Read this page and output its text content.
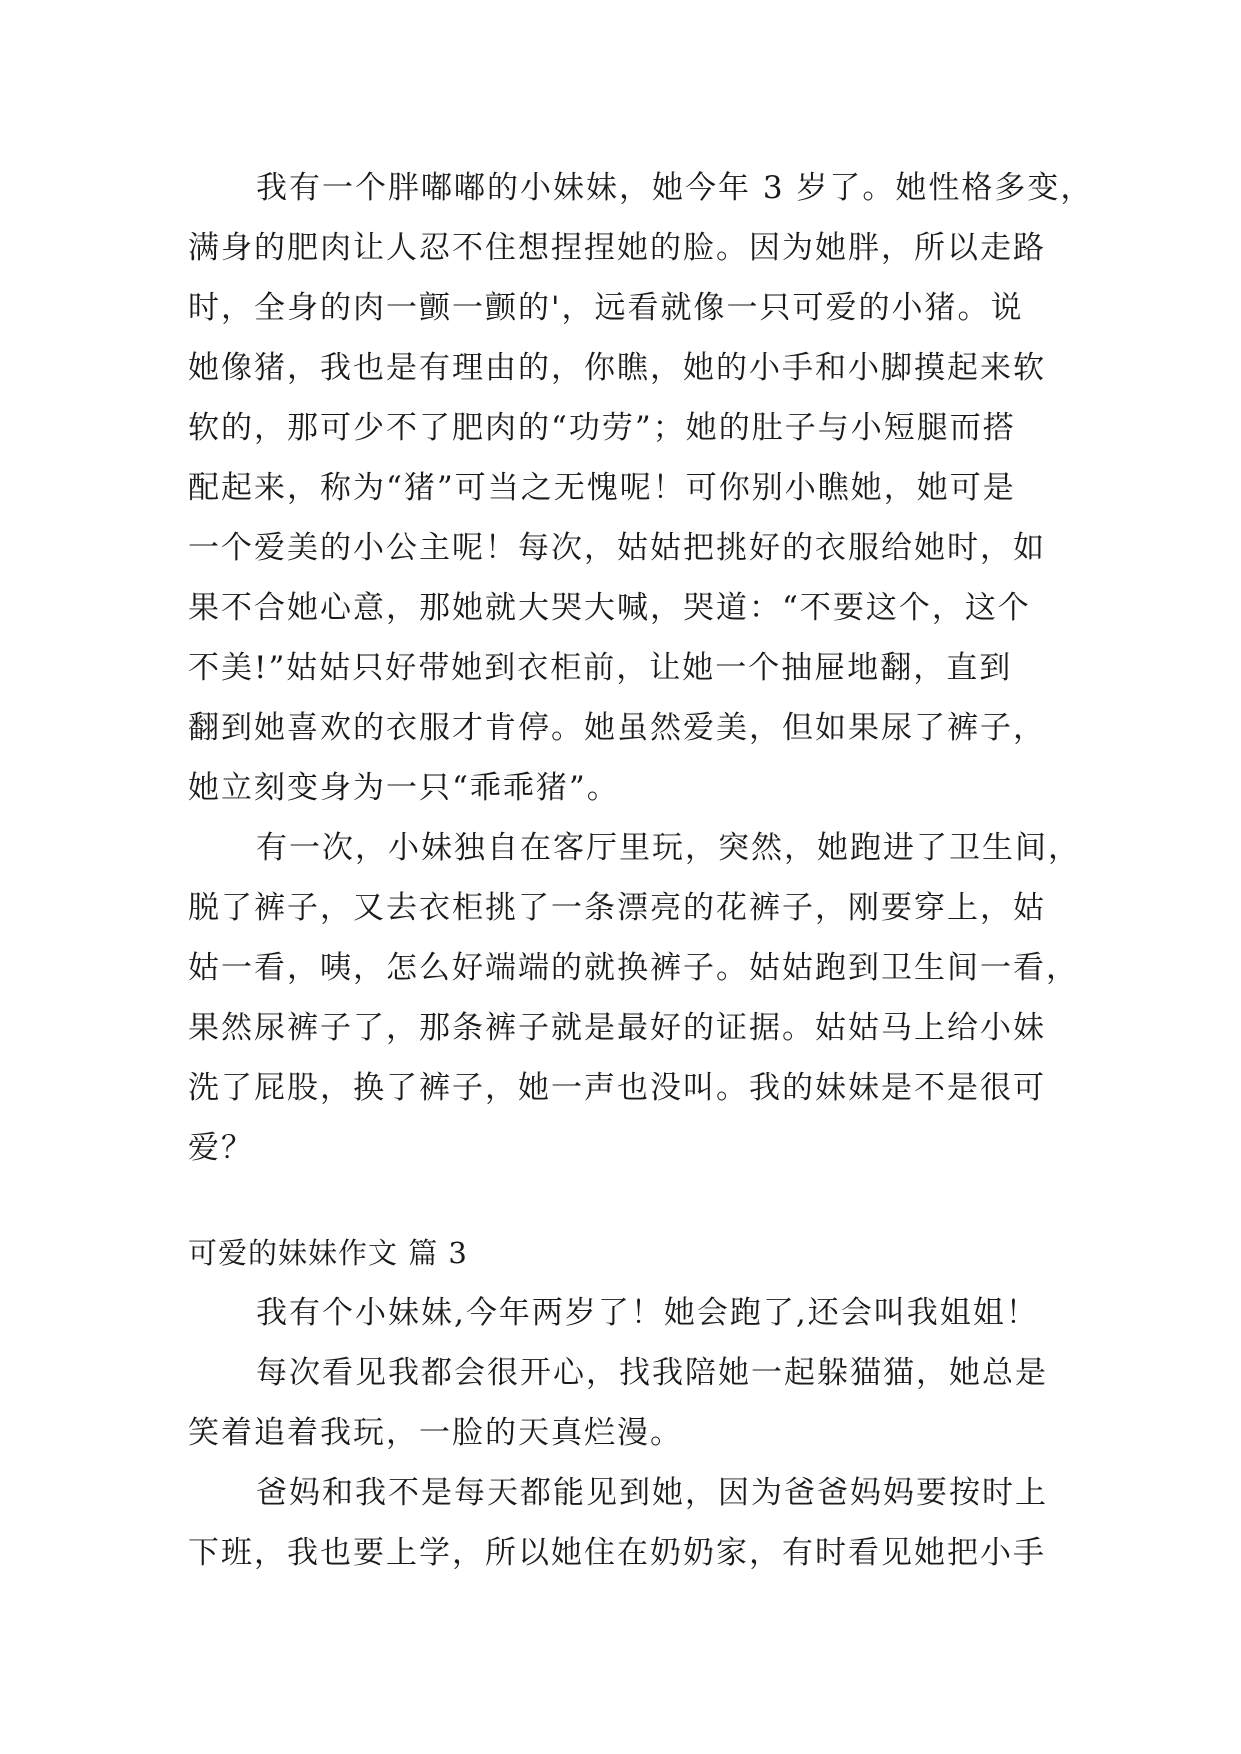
我有一个胖嘟嘟的小妹妹，她今年 3 岁了。她性格多变，
满身的肥肉让人忍不住想捏捏她的脸。因为她胖，所以走路
时，全身的肉一颤一颤的'，远看就像一只可爱的小猪。说
她像猪，我也是有理由的，你瞧，她的小手和小脚摸起来软
软的，那可少不了肥肉的“功劳”；她的肚子与小短腿而搭
配起来，称为“猪”可当之无愧呢！可你别小瞧她，她可是
一个爱美的小公主呢！每次，姑姑把挑好的衣服给她时，如
果不合她心意，那她就大哭大喊，哭道：“不要这个，这个
不美!”姑姑只好带她到衣柜前，让她一个抽屉地翻，直到
翻到她喜欢的衣服才肯停。她虽然爱美，但如果尿了裤子，
她立刻变身为一只“乖乖猪”。
有一次，小妹独自在客厅里玩，突然，她跑进了卫生间，
脱了裤子，又去衣柜挑了一条漂亮的花裤子，刚要穿上，姑
姑一看，咦，怎么好端端的就换裤子。姑姑跑到卫生间一看，
果然尿裤子了，那条裤子就是最好的证据。姑姑马上给小妹
洗了屁股，换了裤子，她一声也没叫。我的妹妹是不是很可
爱？
可爱的妹妹作文 篇 3
我有个小妹妹,今年两岁了！她会跑了,还会叫我姐姐！
每次看见我都会很开心，找我陪她一起躲猫猫，她总是
笑着追着我玩，一脸的天真烂漫。
爸妈和我不是每天都能见到她，因为爸爸妈妈要按时上
下班，我也要上学，所以她住在奶奶家，有时看见她把小手
